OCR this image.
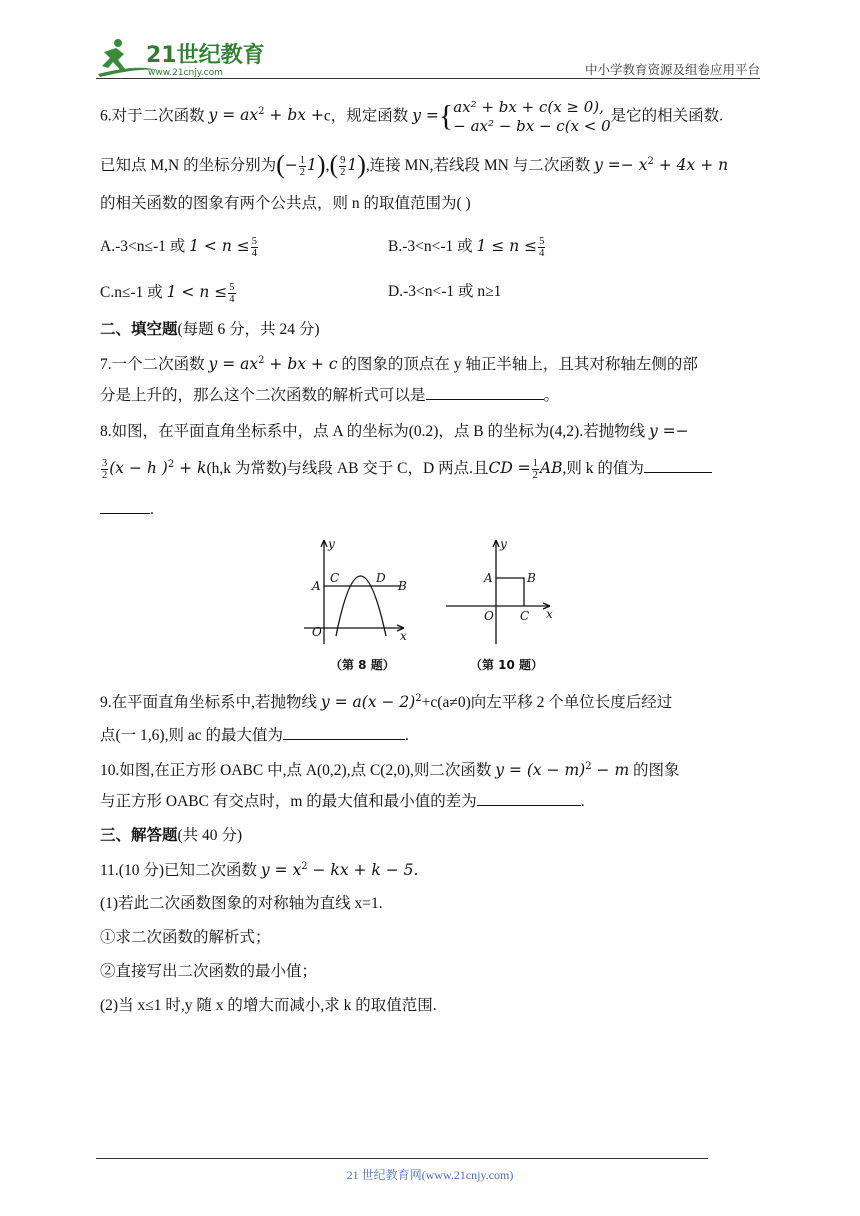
21世纪教育
www.21cnjy.com	中小学教育资源及组卷应用平台
6.对于二次函数 $y = ax^2$ + bx +c，规定函数 y ={ ax² + bx + c(x ≥ 0),
− ax² − bx − c(x < 0
是它的相关函数.
已知点 M,N 的坐标分别为(− $\frac{1}{2} 1),( \frac{9}{2} 1)$,连接 MN,若线段 MN 与二次函数 $y =- x^2 + 4x + n$
的相关函数的图象有两个公共点，则 n 的取值范围为( )
A.-3<n≤-1 或 $1 < n \le \frac{5}{4}$	B.-3<n<-1 或 $1 \le n \le \frac{5}{4}$
C.n≤-1 或 $1 < n \le \frac{5}{4}$	D.-3<n<-1 或 n≥1
二、填空题(每题 6 分，共 24 分)
7.一个二次函数 $y = ax^2$ + bx + c 的图象的顶点在 y 轴正半轴上，且其对称轴左侧的部
分是上升的，那么这个二次函数的解析式可以是	。
8.如图，在平面直角坐标系中，点 A 的坐标为(0.2)，点 B 的坐标为(4,2).若抛物线 y =−
$\frac{3}{2} (x$ − ℎ )$^2$ + k(h,k 为常数)与线段 AB 交于 C，D 两点.且CD = $\frac{1}{2}$ AB,则 k 的值为
.
y
x
A
C	D
B
O
y
x
A	B
O C
（第 8 题）	（第 10 题）
9.在平面直角坐标系中,若抛物线 $y = a(x - 2)^2+c(a\ne 0)$向左平移 2 个单位长度后经过
点(一 1,6),则 ac 的最大值为	.
10.如图,在正方形 OABC 中,点 A(0,2),点 C(2,0),则二次函数 $y = (x - m)^2 - m$ 的图象
与正方形 OABC 有交点时，m 的最大值和最小值的差为	.
三、解答题(共 40 分)
11.(10 分)已知二次函数 $y = x^2$ − kx + k − 5.
(1)若此二次函数图象的对称轴为直线 x=1.
①求二次函数的解析式；
②直接写出二次函数的最小值；
(2)当 x≤1 时,y 随 x 的增大而减小,求 k 的取值范围.
21 世纪教育网(www.21cnjy.com)
